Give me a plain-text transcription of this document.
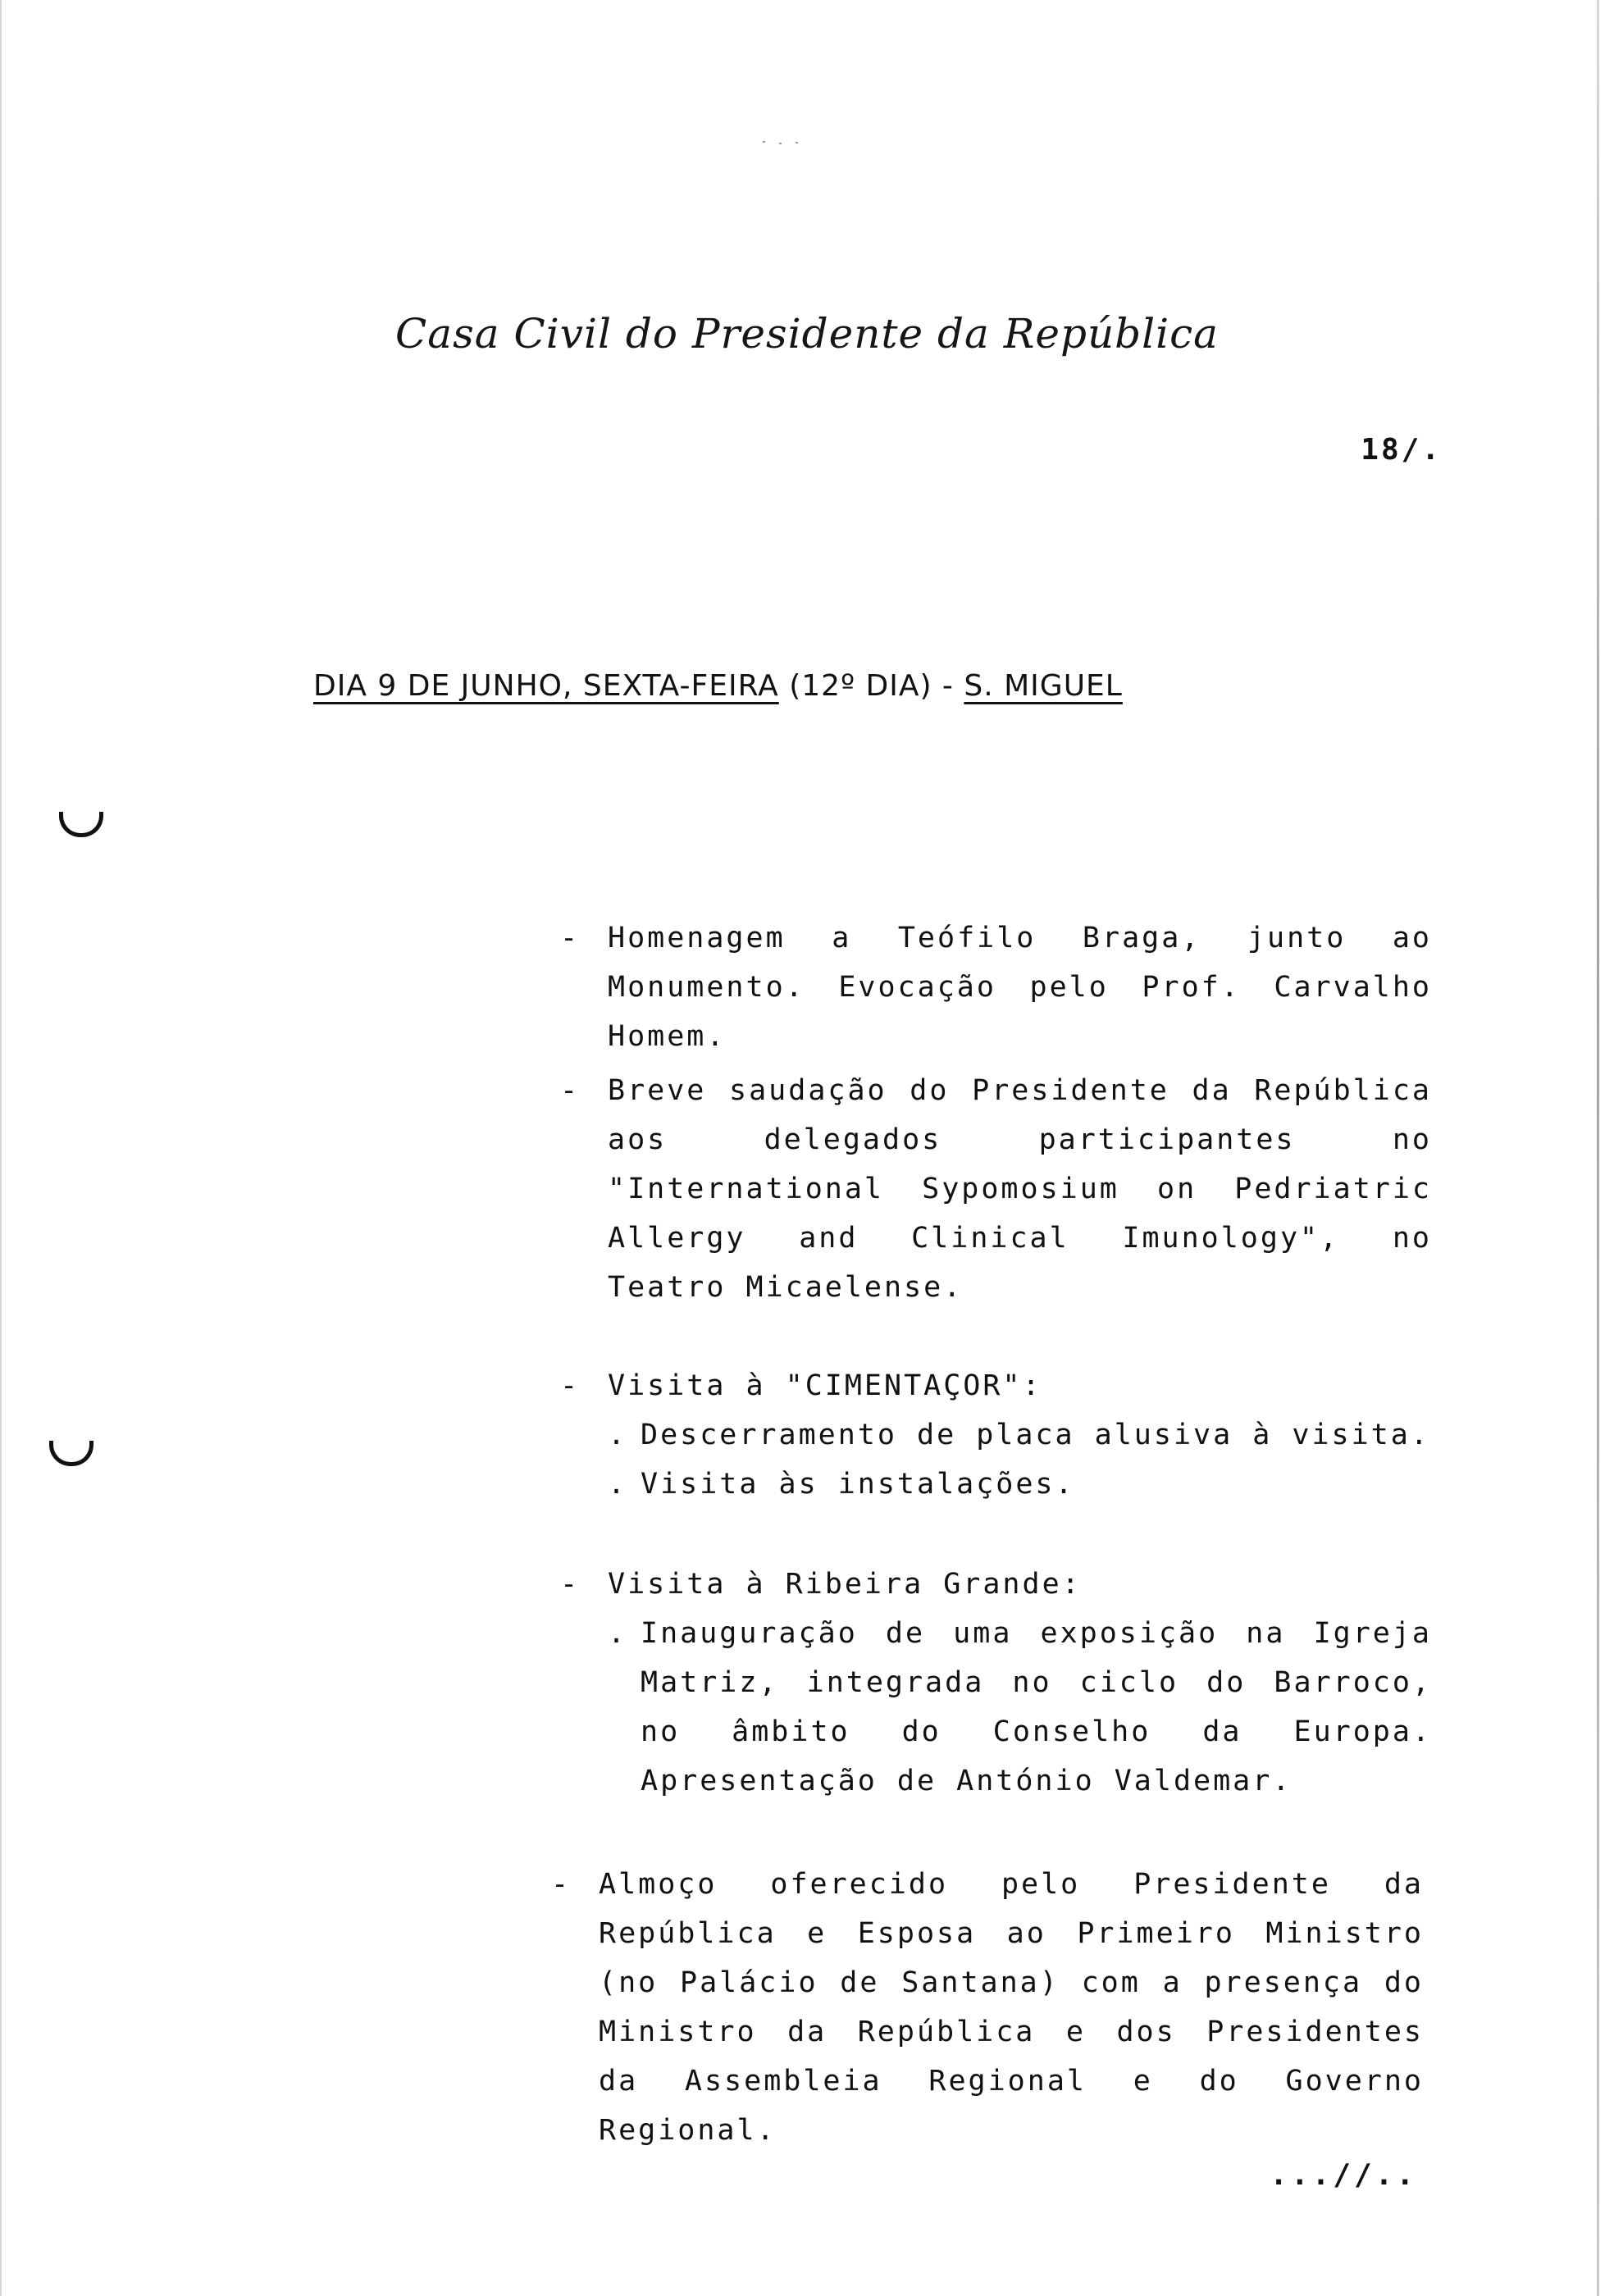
Casa Civil do Presidente da República
18/.
DIA 9 DE JUNHO, SEXTA-FEIRA (12º DIA) - S. MIGUEL
- Homenagem a Teófilo Braga, junto ao Monumento. Evocação pelo Prof. Carvalho Homem.
- Breve saudação do Presidente da República aos delegados participantes no "International Sypomosium on Pedriatric Allergy and Clinical Imunology", no Teatro Micaelense.
- Visita à "CIMENTAÇOR":
. Descerramento de placa alusiva à visita.
. Visita às instalações.
- Visita à Ribeira Grande:
. Inauguração de uma exposição na Igreja Matriz, integrada no ciclo do Barroco, no âmbito do Conselho da Europa. Apresentação de António Valdemar.
- Almoço oferecido pelo Presidente da República e Esposa ao Primeiro Ministro (no Palácio de Santana) com a presença do Ministro da República e dos Presidentes da Assembleia Regional e do Governo Regional.
...//..
